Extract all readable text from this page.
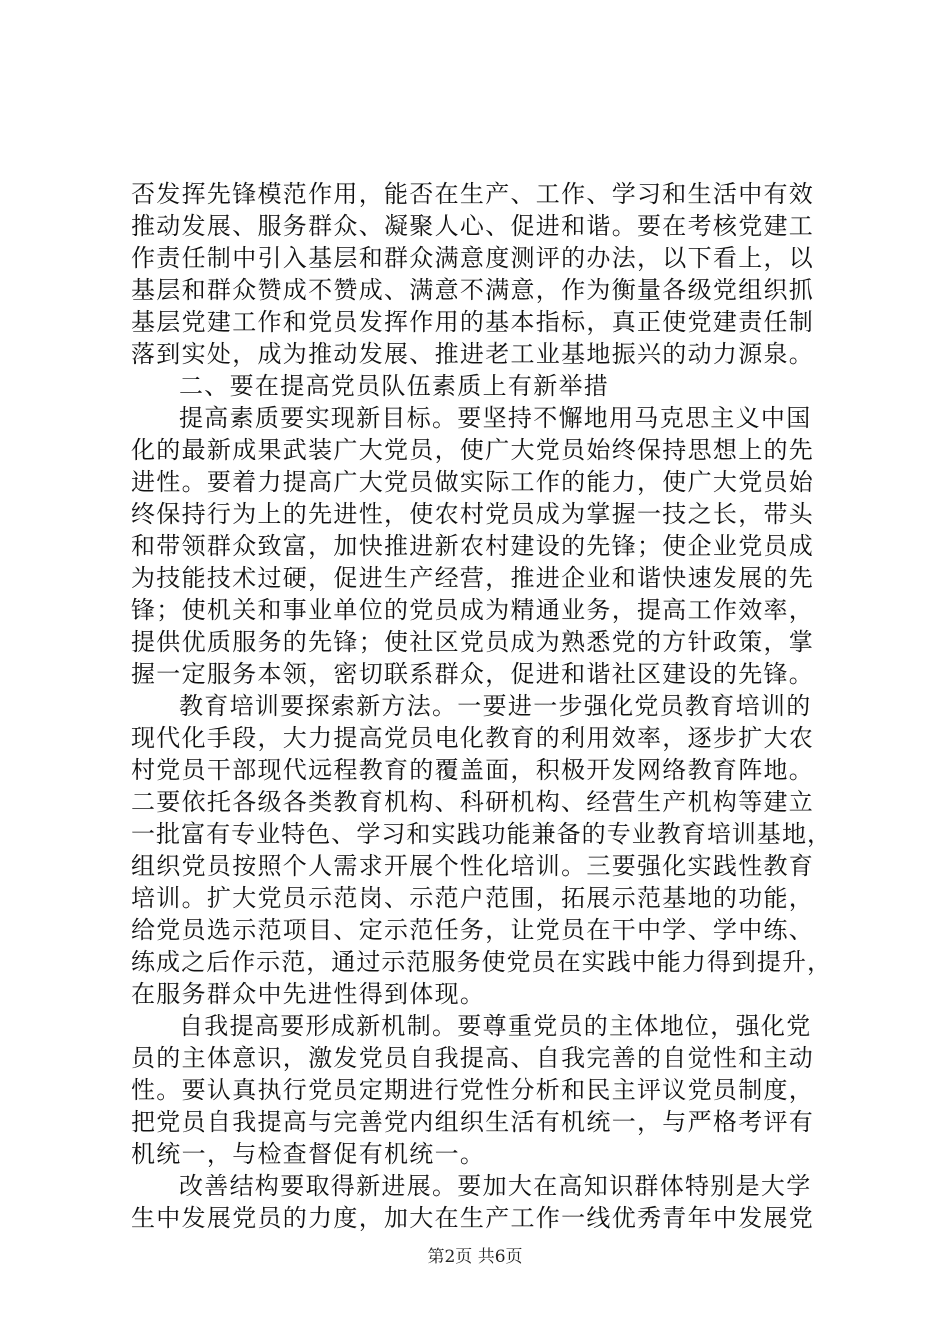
否发挥先锋模范作用，能否在生产、工作、学习和生活中有效
推动发展、服务群众、凝聚人心、促进和谐。要在考核党建工
作责任制中引入基层和群众满意度测评的办法，以下看上，以
基层和群众赞成不赞成、满意不满意，作为衡量各级党组织抓
基层党建工作和党员发挥作用的基本指标，真正使党建责任制
落到实处，成为推动发展、推进老工业基地振兴的动力源泉。
二、要在提高党员队伍素质上有新举措
提高素质要实现新目标。要坚持不懈地用马克思主义中国
化的最新成果武装广大党员，使广大党员始终保持思想上的先
进性。要着力提高广大党员做实际工作的能力，使广大党员始
终保持行为上的先进性，使农村党员成为掌握一技之长，带头
和带领群众致富，加快推进新农村建设的先锋；使企业党员成
为技能技术过硬，促进生产经营，推进企业和谐快速发展的先
锋；使机关和事业单位的党员成为精通业务，提高工作效率，
提供优质服务的先锋；使社区党员成为熟悉党的方针政策，掌
握一定服务本领，密切联系群众，促进和谐社区建设的先锋。
教育培训要探索新方法。一要进一步强化党员教育培训的
现代化手段，大力提高党员电化教育的利用效率，逐步扩大农
村党员干部现代远程教育的覆盖面，积极开发网络教育阵地。
二要依托各级各类教育机构、科研机构、经营生产机构等建立
一批富有专业特色、学习和实践功能兼备的专业教育培训基地，
组织党员按照个人需求开展个性化培训。三要强化实践性教育
培训。扩大党员示范岗、示范户范围，拓展示范基地的功能，
给党员选示范项目、定示范任务，让党员在干中学、学中练、
练成之后作示范，通过示范服务使党员在实践中能力得到提升，
在服务群众中先进性得到体现。
自我提高要形成新机制。要尊重党员的主体地位，强化党
员的主体意识，激发党员自我提高、自我完善的自觉性和主动
性。要认真执行党员定期进行党性分析和民主评议党员制度，
把党员自我提高与完善党内组织生活有机统一，与严格考评有
机统一，与检查督促有机统一。
改善结构要取得新进展。要加大在高知识群体特别是大学
生中发展党员的力度，加大在生产工作一线优秀青年中发展党
第2页 共6页
